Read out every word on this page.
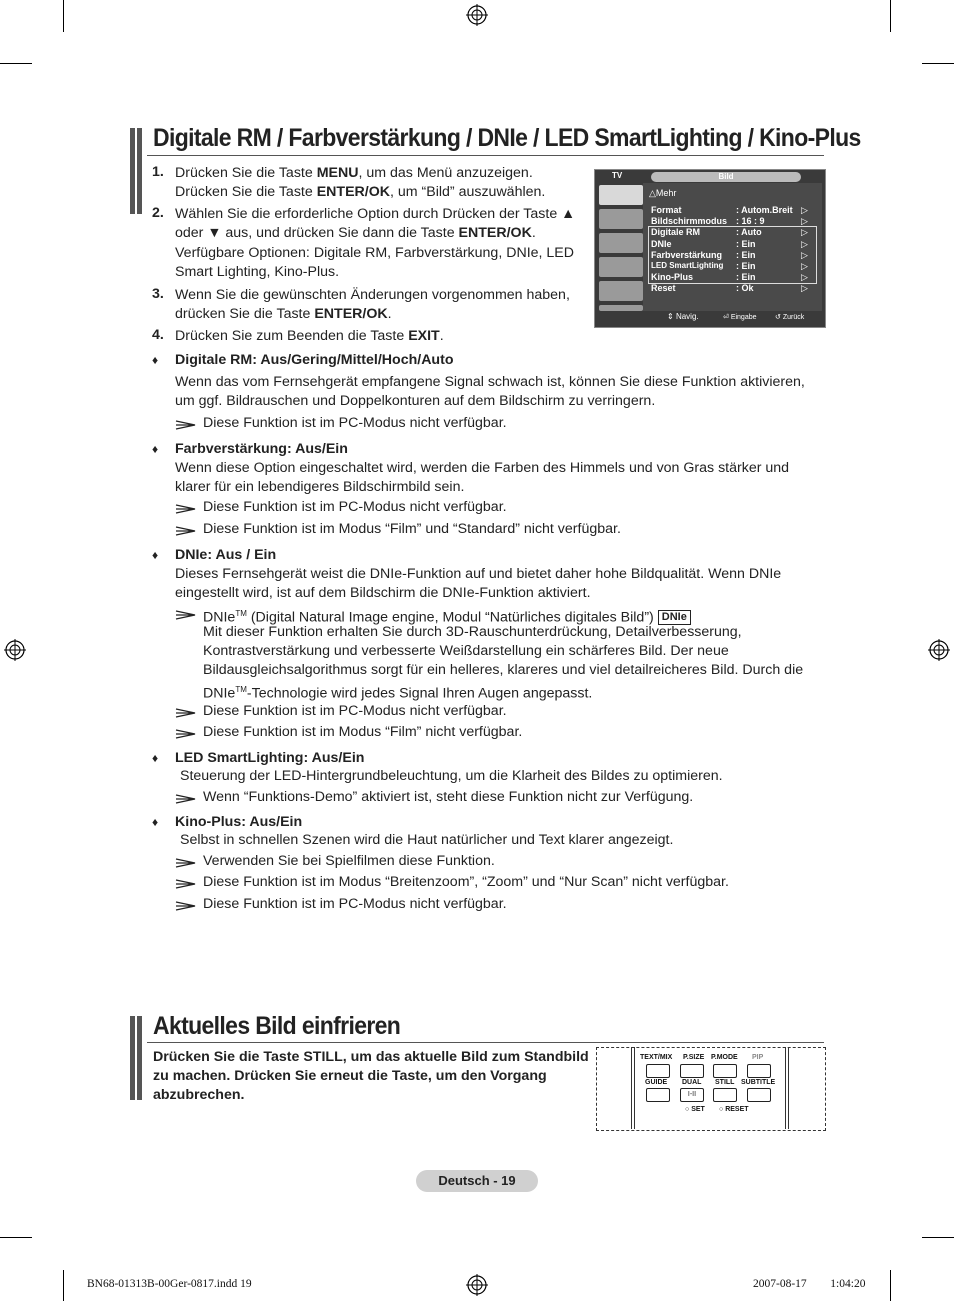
Digitale RM / Farbverstärkung / DNIe / LED SmartLighting / Kino-Plus
1. Drücken Sie die Taste MENU, um das Menü anzuzeigen.
Drücken Sie die Taste ENTER/OK, um “Bild” auszuwählen.
2. Wählen Sie die erforderliche Option durch Drücken der Taste ▲
oder ▼ aus, und drücken Sie dann die Taste ENTER/OK.
Verfügbare Optionen: Digitale RM, Farbverstärkung, DNIe, LED
Smart Lighting, Kino-Plus.
3. Wenn Sie die gewünschten Änderungen vorgenommen haben,
drücken Sie die Taste ENTER/OK.
4. Drücken Sie zum Beenden die Taste EXIT.
TV	Bild
△Mehr
Format	: Autom.Breit ▷
Bildschirmmodus : 16 : 9	▷
Digitale RM	: Auto	▷
DNIe	: Ein	▷
Farbverstärkung : Ein	▷
LED SmartLighting : Ein	▷
Kino-Plus	: Ein	▷
Reset	: Ok	▷
⇕ Navig.	⏎ Eingabe	↺ Zurück
♦ Digitale RM: Aus/Gering/Mittel/Hoch/Auto
Wenn das vom Fernsehgerät empfangene Signal schwach ist, können Sie diese Funktion aktivieren,
um ggf. Bildrauschen und Doppelkonturen auf dem Bildschirm zu verringern.
Diese Funktion ist im PC-Modus nicht verfügbar.
♦ Farbverstärkung: Aus/Ein
Wenn diese Option eingeschaltet wird, werden die Farben des Himmels und von Gras stärker und
klarer für ein lebendigeres Bildschirmbild sein.
Diese Funktion ist im PC-Modus nicht verfügbar.
Diese Funktion ist im Modus “Film” und “Standard” nicht verfügbar.
♦ DNIe: Aus / Ein
Dieses Fernsehgerät weist die DNIe-Funktion auf und bietet daher hohe Bildqualität. Wenn DNIe
eingestellt wird, ist auf dem Bildschirm die DNIe-Funktion aktiviert.
DNIe™ (Digital Natural Image engine, Modul “Natürliches digitales Bild”) DNIe
Mit dieser Funktion erhalten Sie durch 3D-Rauschunterdrückung, Detailverbesserung,
Kontrastverstärkung und verbesserte Weißdarstellung ein schärferes Bild. Der neue
Bildausgleichsalgorithmus sorgt für ein helleres, klareres und viel detailreicheres Bild. Durch die
DNIe™-Technologie wird jedes Signal Ihren Augen angepasst.
Diese Funktion ist im PC-Modus nicht verfügbar.
Diese Funktion ist im Modus “Film” nicht verfügbar.
♦ LED SmartLighting: Aus/Ein
Steuerung der LED-Hintergrundbeleuchtung, um die Klarheit des Bildes zu optimieren.
Wenn “Funktions-Demo” aktiviert ist, steht diese Funktion nicht zur Verfügung.
♦ Kino-Plus: Aus/Ein
Selbst in schnellen Szenen wird die Haut natürlicher und Text klarer angezeigt.
Verwenden Sie bei Spielfilmen diese Funktion.
Diese Funktion ist im Modus “Breitenzoom”, “Zoom” und “Nur Scan” nicht verfügbar.
Diese Funktion ist im PC-Modus nicht verfügbar.
Aktuelles Bild einfrieren
Drücken Sie die Taste STILL, um das aktuelle Bild zum Standbild
zu machen. Drücken Sie erneut die Taste, um den Vorgang
abzubrechen.
TEXT/MIX P.SIZE P.MODE PIP
GUIDE DUAL STILL SUBTITLE
I-II
○ SET ○ RESET
Deutsch - 19
BN68-01313B-00Ger-0817.indd 19	2007-08-17 􀀀􀀀 1:04:20
